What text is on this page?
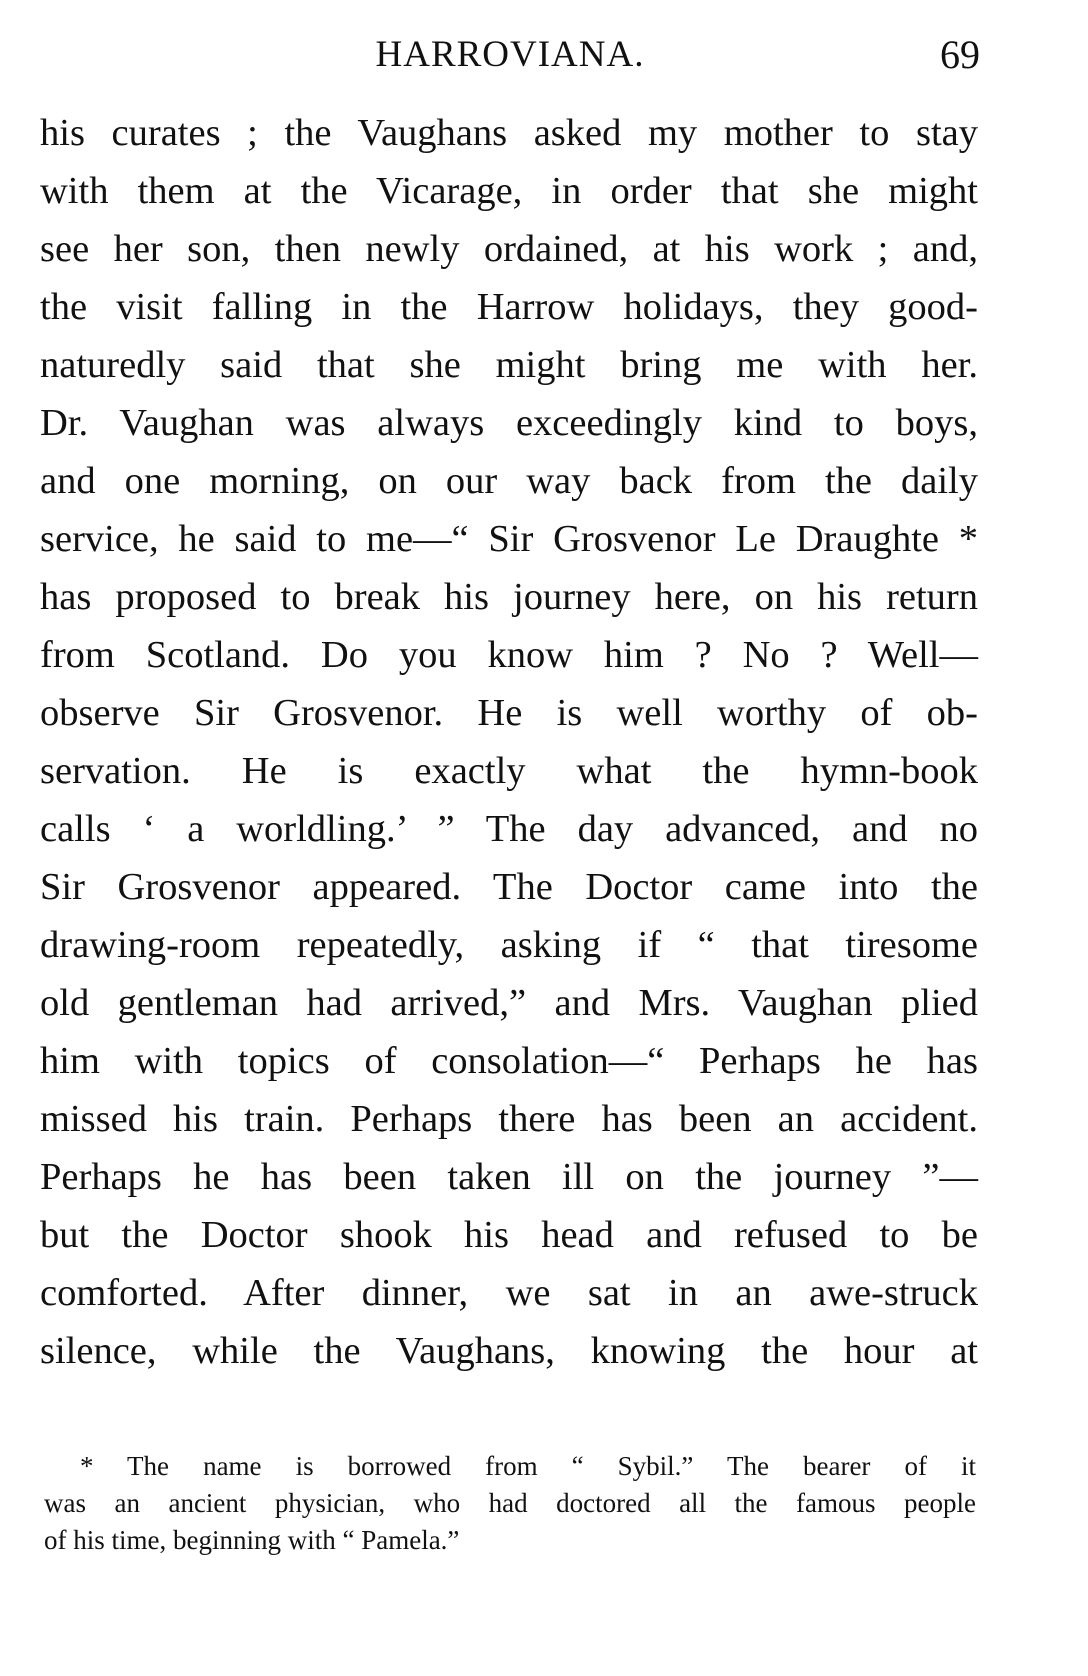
HARROVIANA.	69
his curates ; the Vaughans asked my mother to stay
with them at the Vicarage, in order that she might
see her son, then newly ordained, at his work ; and,
the visit falling in the Harrow holidays, they good-
naturedly said that she might bring me with her.
Dr. Vaughan was always exceedingly kind to boys,
and one morning, on our way back from the daily
service, he said to me—“ Sir Grosvenor Le Draughte *
has proposed to break his journey here, on his return
from Scotland. Do you know him ? No ? Well—
observe Sir Grosvenor. He is well worthy of ob-
servation. He is exactly what the hymn-book
calls ‘ a worldling.’ ” The day advanced, and no
Sir Grosvenor appeared. The Doctor came into the
drawing-room repeatedly, asking if “ that tiresome
old gentleman had arrived,” and Mrs. Vaughan plied
him with topics of consolation—“ Perhaps he has
missed his train. Perhaps there has been an accident.
Perhaps he has been taken ill on the journey ”—
but the Doctor shook his head and refused to be
comforted. After dinner, we sat in an awe-struck
silence, while the Vaughans, knowing the hour at
* The name is borrowed from “ Sybil.” The bearer of it
was an ancient physician, who had doctored all the famous people
of his time, beginning with “ Pamela.”
